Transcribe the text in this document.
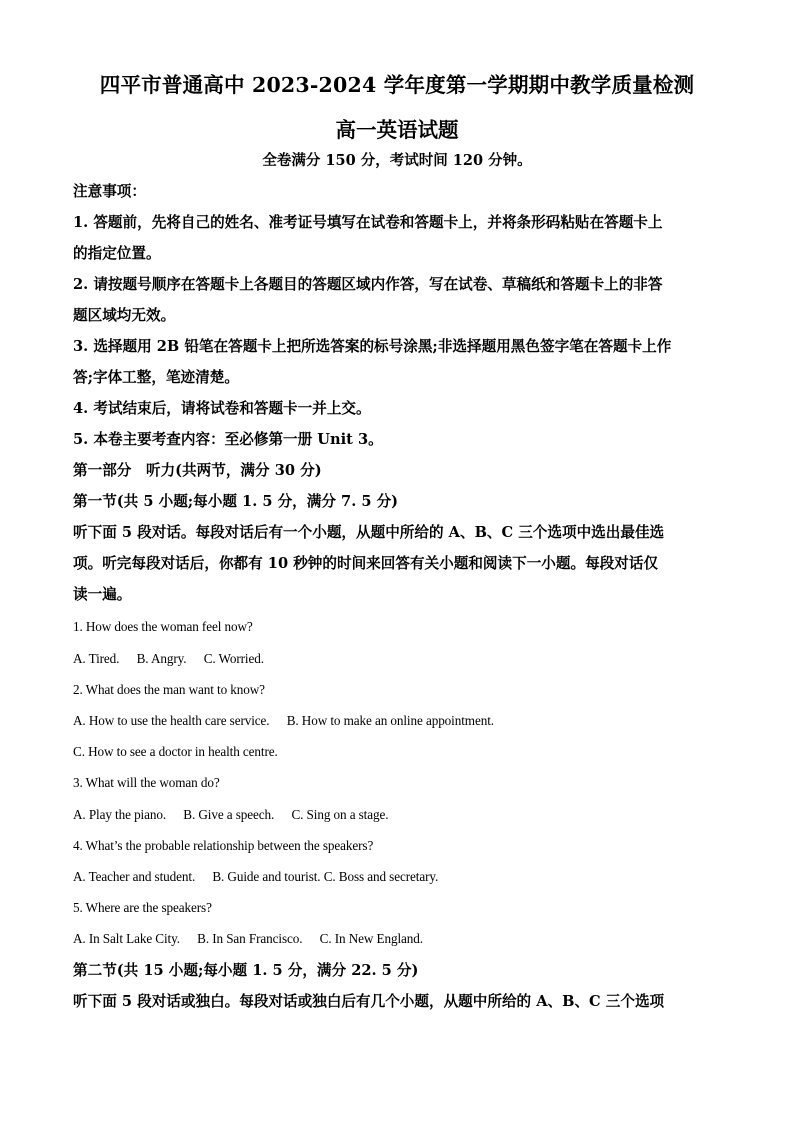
四平市普通高中 2023-2024 学年度第一学期期中教学质量检测
高一英语试题
全卷满分 150 分，考试时间 120 分钟。
注意事项：
1. 答题前，先将自己的姓名、准考证号填写在试卷和答题卡上，并将条形码粘贴在答题卡上
的指定位置。
2. 请按题号顺序在答题卡上各题目的答题区域内作答，写在试卷、草稿纸和答题卡上的非答
题区域均无效。
3. 选择题用 2B 铅笔在答题卡上把所选答案的标号涂黑;非选择题用黑色签字笔在答题卡上作
答;字体工整，笔迹清楚。
4. 考试结束后，请将试卷和答题卡一并上交。
5. 本卷主要考查内容：至必修第一册 Unit 3。
第一部分　听力(共两节，满分 30 分)
第一节(共 5 小题;每小题 1. 5 分，满分 7. 5 分)
听下面 5 段对话。每段对话后有一个小题，从题中所给的 A、B、C 三个选项中选出最佳选
项。听完每段对话后，你都有 10 秒钟的时间来回答有关小题和阅读下一小题。每段对话仅
读一遍。
1. How does the woman feel now?
A. Tired. B. Angry. C. Worried.
2. What does the man want to know?
A. How to use the health care service. B. How to make an online appointment.
C. How to see a doctor in health centre.
3. What will the woman do?
A. Play the piano. B. Give a speech. C. Sing on a stage.
4. What’s the probable relationship between the speakers?
A. Teacher and student. B. Guide and tourist. C. Boss and secretary.
5. Where are the speakers?
A. In Salt Lake City. B. In San Francisco. C. In New England.
第二节(共 15 小题;每小题 1. 5 分，满分 22. 5 分)
听下面 5 段对话或独白。每段对话或独白后有几个小题，从题中所给的 A、B、C 三个选项
